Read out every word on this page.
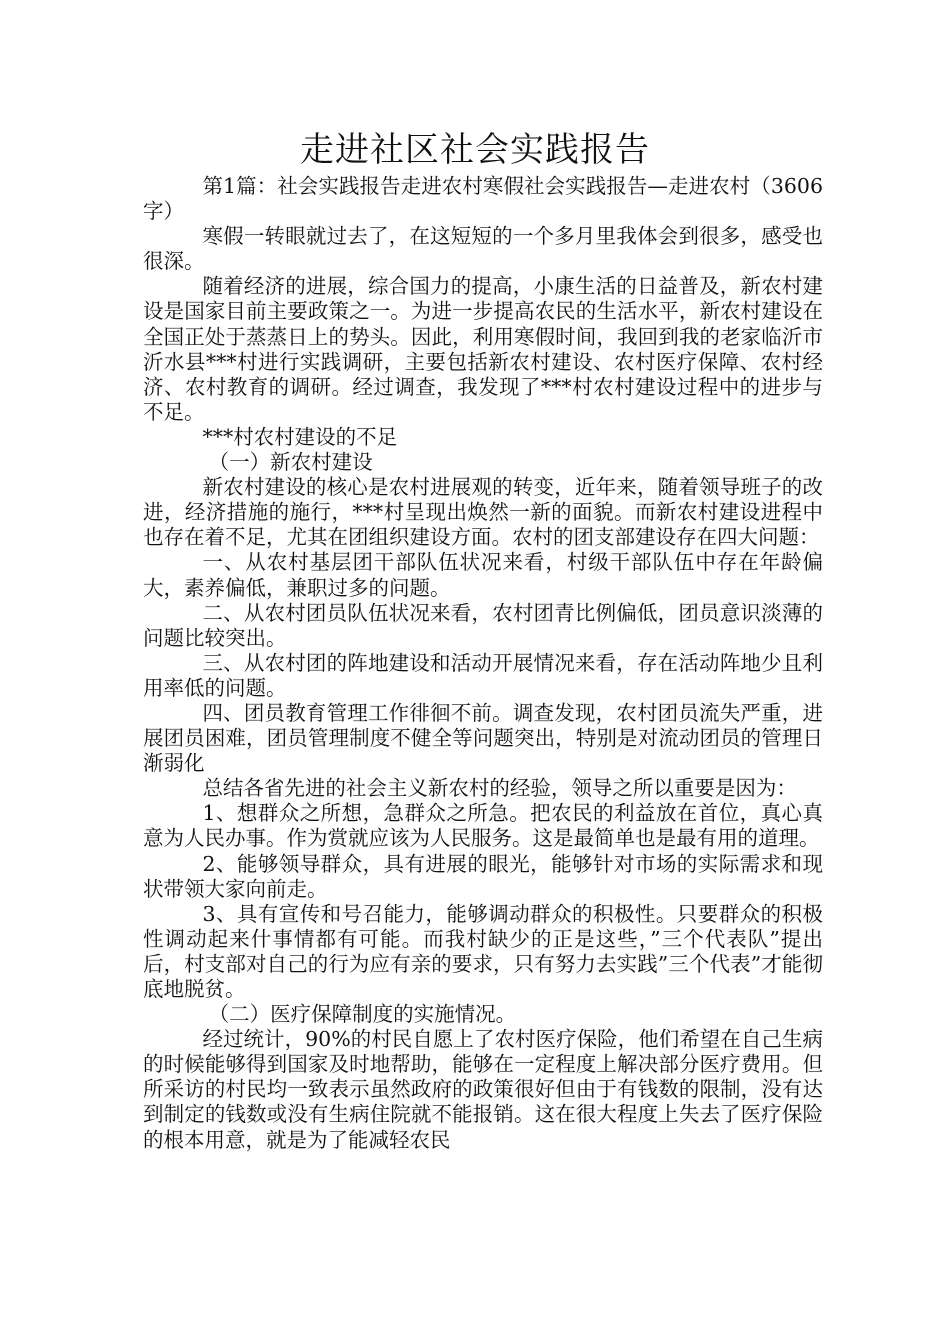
走进社区社会实践报告

第1篇：社会实践报告走进农村寒假社会实践报告—走进农村（3606字）

寒假一转眼就过去了，在这短短的一个多月里我体会到很多，感受也很深。

随着经济的进展，综合国力的提高，小康生活的日益普及，新农村建设是国家目前主要政策之一。为进一步提高农民的生活水平，新农村建设在全国正处于蒸蒸日上的势头。因此，利用寒假时间，我回到我的老家临沂市沂水县***村进行实践调研，主要包括新农村建设、农村医疗保障、农村经济、农村教育的调研。经过调查，我发现了***村农村建设过程中的进步与不足。

***村农村建设的不足

（一）新农村建设

新农村建设的核心是农村进展观的转变，近年来，随着领导班子的改进，经济措施的施行，***村呈现出焕然一新的面貌。而新农村建设进程中也存在着不足，尤其在团组织建设方面。农村的团支部建设存在四大问题：

一、从农村基层团干部队伍状况来看，村级干部队伍中存在年龄偏大，素养偏低，兼职过多的问题。

二、从农村团员队伍状况来看，农村团青比例偏低，团员意识淡薄的问题比较突出。

三、从农村团的阵地建设和活动开展情况来看，存在活动阵地少且利用率低的问题。

四、团员教育管理工作徘徊不前。调查发现，农村团员流失严重，进展团员困难，团员管理制度不健全等问题突出，特别是对流动团员的管理日渐弱化

总结各省先进的社会主义新农村的经验，领导之所以重要是因为：

1、想群众之所想，急群众之所急。把农民的利益放在首位，真心真意为人民办事。作为赏就应该为人民服务。这是最简单也是最有用的道理。

2、能够领导群众，具有进展的眼光，能够针对市场的实际需求和现状带领大家向前走。

3、具有宣传和号召能力，能够调动群众的积极性。只要群众的积极性调动起来什事情都有可能。而我村缺少的正是这些，”三个代表队”提出后，村支部对自己的行为应有亲的要求，只有努力去实践”三个代表”才能彻底地脱贫。

（二）医疗保障制度的实施情况。

经过统计，90%的村民自愿上了农村医疗保险，他们希望在自己生病的时候能够得到国家及时地帮助，能够在一定程度上解决部分医疗费用。但所采访的村民均一致表示虽然政府的政策很好但由于有钱数的限制，没有达到制定的钱数或没有生病住院就不能报销。这在很大程度上失去了医疗保险的根本用意，就是为了能减轻农民
